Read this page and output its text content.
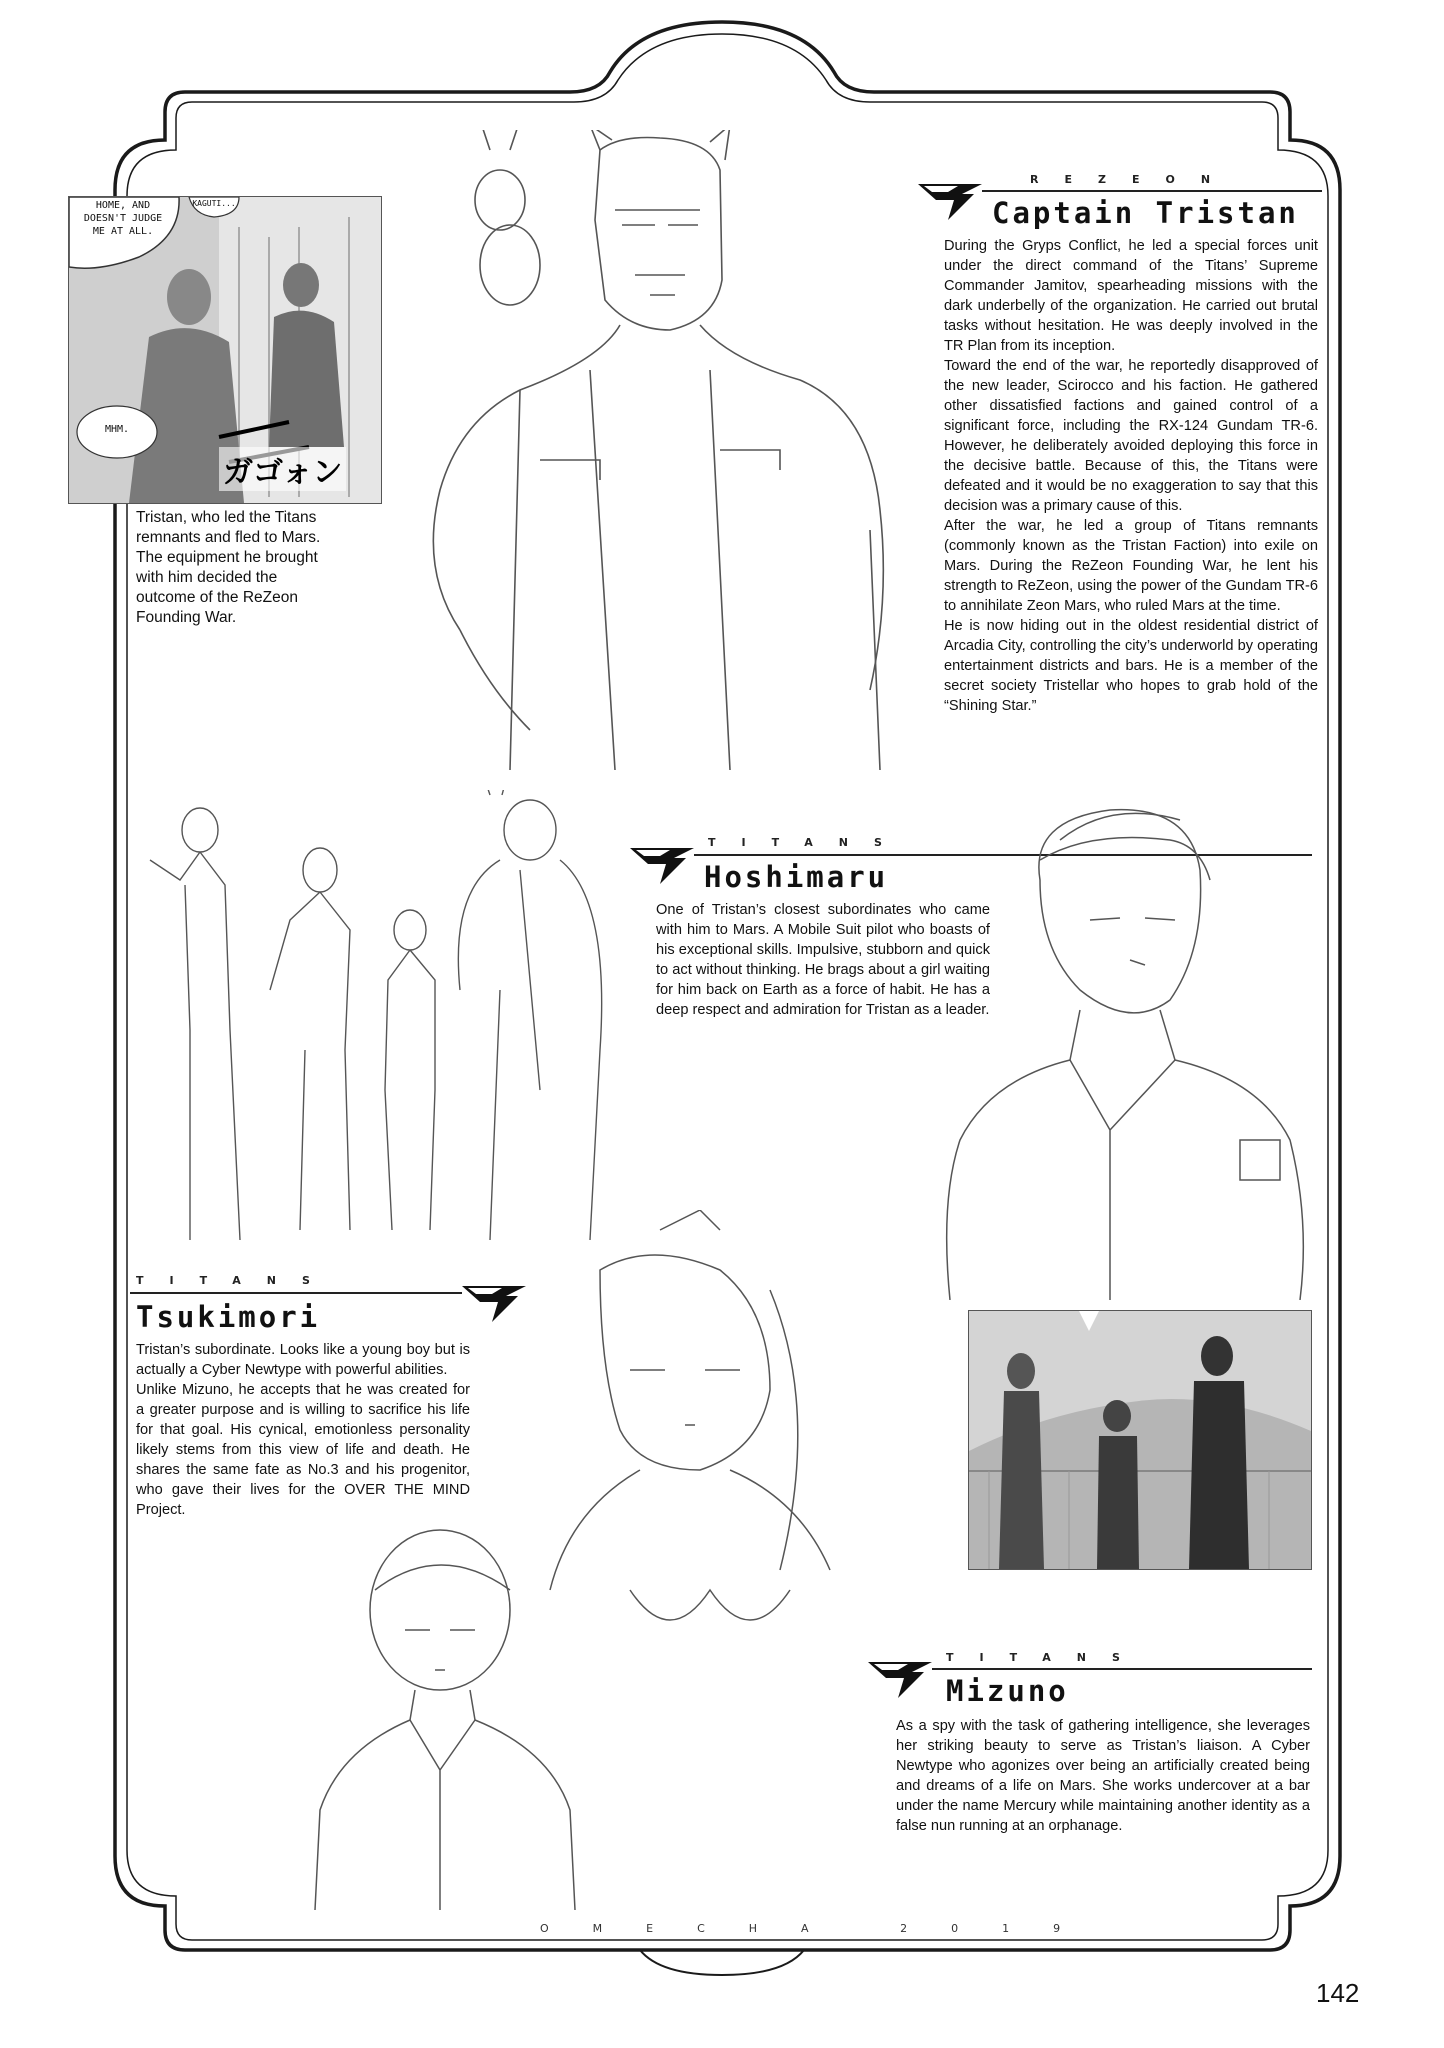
HOME, AND DOESN'T JUDGE ME AT ALL.
KAGUTI...
MHM.
ガゴォン
Tristan, who led the Titans remnants and fled to Mars. The equipment he brought with him decided the outcome of the ReZeon Founding War.
REZEON
Captain Tristan

During the Gryps Conflict, he led a special forces unit under the direct command of the Titans’ Supreme Commander Jamitov, spearheading missions with the dark underbelly of the organization. He carried out brutal tasks without hesitation. He was deeply involved in the TR Plan from its inception.

Toward the end of the war, he reportedly disapproved of the new leader, Scirocco and his faction. He gathered other dissatisfied factions and gained control of a significant force, including the RX-124 Gundam TR-6. However, he deliberately avoided deploying this force in the decisive battle. Because of this, the Titans were defeated and it would be no exaggeration to say that this decision was a primary cause of this.

After the war, he led a group of Titans remnants (commonly known as the Tristan Faction) into exile on Mars. During the ReZeon Founding War, he lent his strength to ReZeon, using the power of the Gundam TR-6 to annihilate Zeon Mars, who ruled Mars at the time.

He is now hiding out in the oldest residential district of Arcadia City, controlling the city’s underworld by operating entertainment districts and bars. He is a member of the secret society Tristellar who hopes to grab hold of the “Shining Star.”

TITANS
Hoshimaru

One of Tristan’s closest subordinates who came with him to Mars. A Mobile Suit pilot who boasts of his exceptional skills. Impulsive, stubborn and quick to act without thinking. He brags about a girl waiting for him back on Earth as a force of habit. He has a deep respect and admiration for Tristan as a leader.

TITANS
Tsukimori

Tristan’s subordinate. Looks like a young boy but is actually a Cyber Newtype with powerful abilities.

Unlike Mizuno, he accepts that he was created for a greater purpose and is willing to sacrifice his life for that goal. His cynical, emotionless personality likely stems from this view of life and death. He shares the same fate as No.3 and his progenitor, who gave their lives for the OVER THE MIND Project.

TITANS
Mizuno

As a spy with the task of gathering intelligence, she leverages her striking beauty to serve as Tristan’s liaison. A Cyber Newtype who agonizes over being an artificially created being and dreams of a life on Mars. She works undercover at a bar under the name Mercury while maintaining another identity as a false nun running at an orphanage.

OMECHA 2019
142
